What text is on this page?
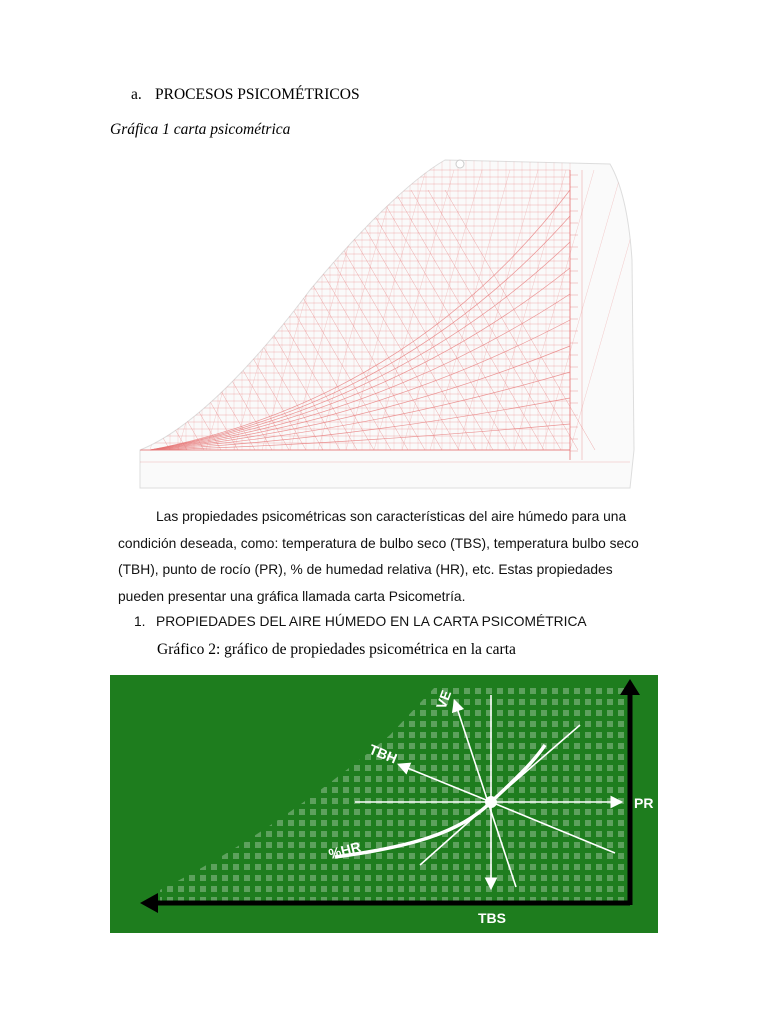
a. PROCESOS PSICOMÉTRICOS
Gráfica 1 carta psicométrica
Las propiedades psicométricas son características del aire húmedo para una
condición deseada, como: temperatura de bulbo seco (TBS), temperatura bulbo seco
(TBH), punto de rocío (PR), % de humedad relativa (HR), etc. Estas propiedades
pueden presentar una gráfica llamada carta Psicometría.
1. PROPIEDADES DEL AIRE HÚMEDO EN LA CARTA PSICOMÉTRICA
Gráfico 2: gráfico de propiedades psicométrica en la carta
VE
TBH
%HR
PR
TBS
